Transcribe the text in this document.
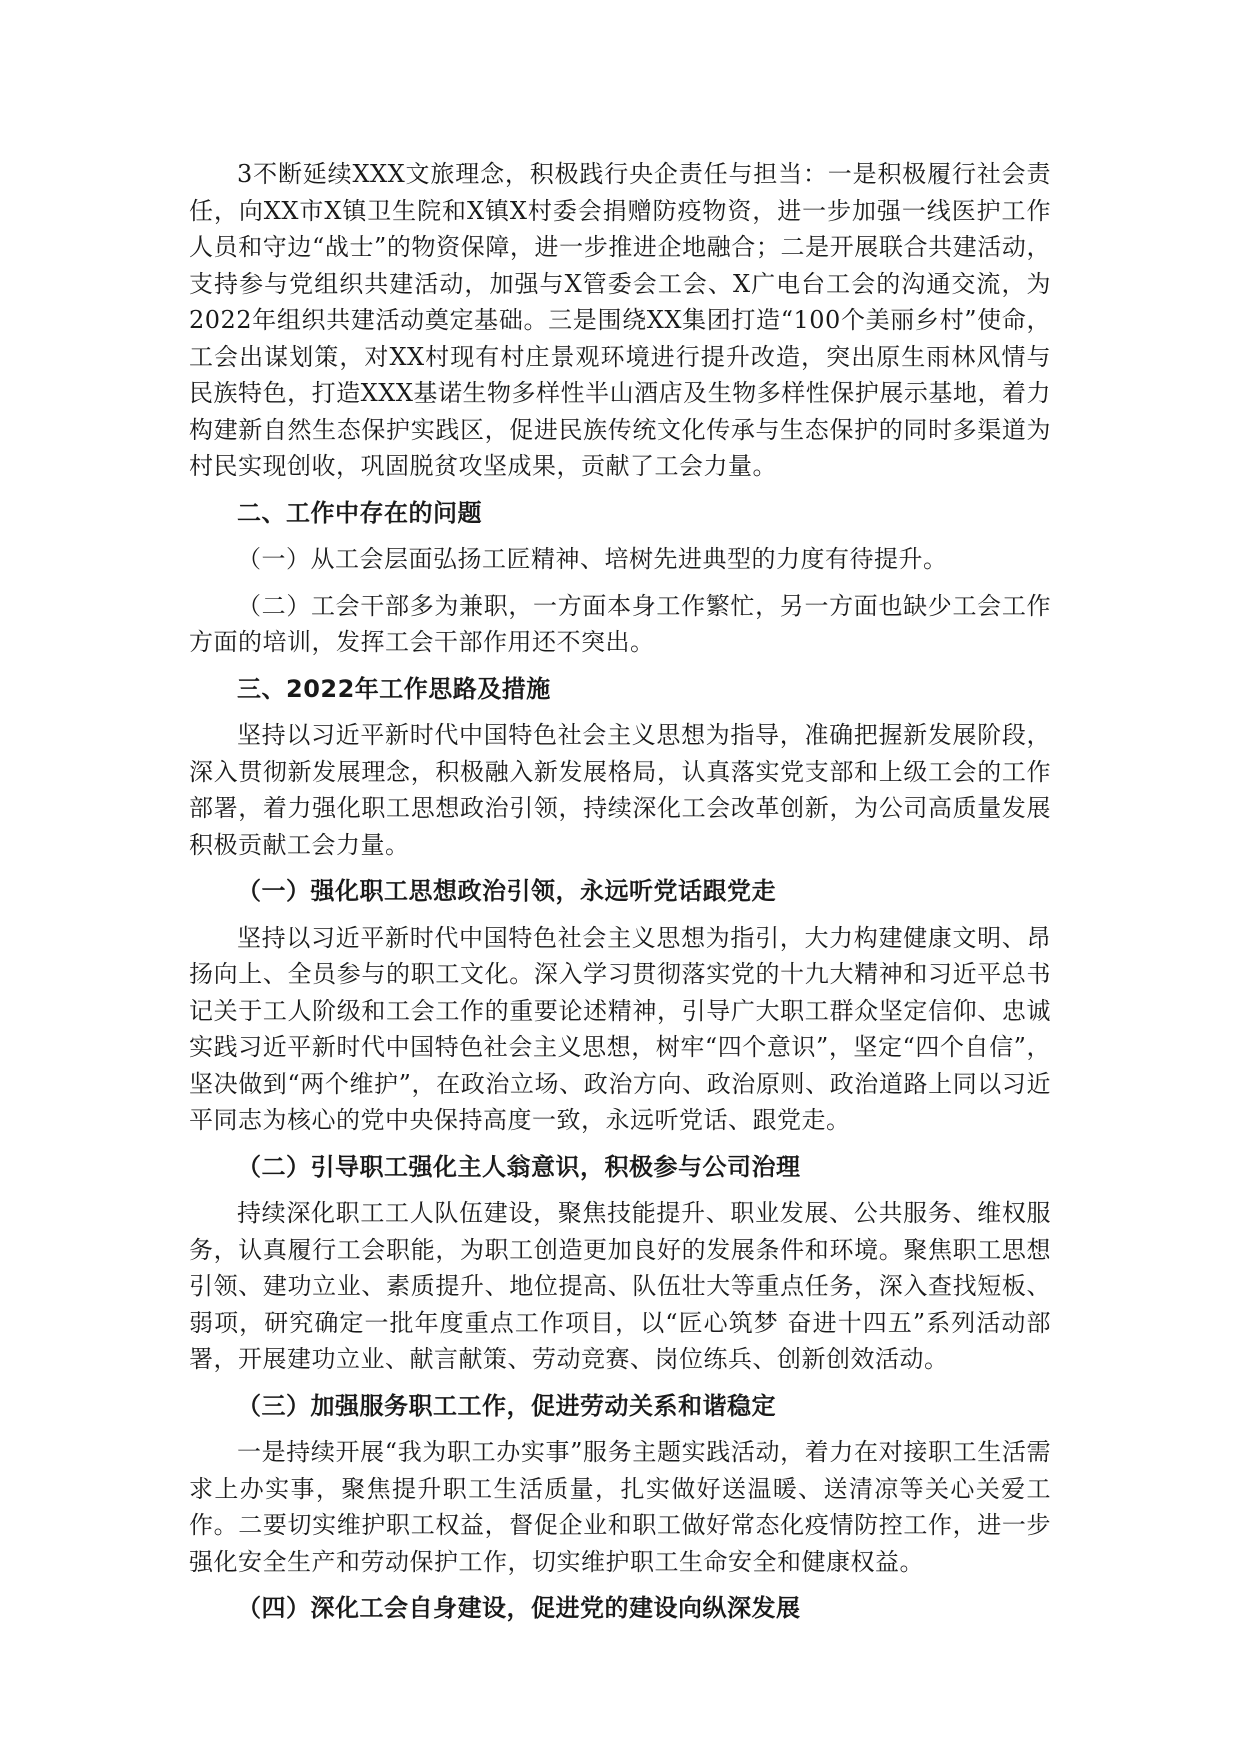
3不断延续XXX文旅理念，积极践行央企责任与担当：一是积极履行社会责任，向XX市X镇卫生院和X镇X村委会捐赠防疫物资，进一步加强一线医护工作人员和守边“战士”的物资保障，进一步推进企地融合；二是开展联合共建活动，支持参与党组织共建活动，加强与X管委会工会、X广电台工会的沟通交流，为2022年组织共建活动奠定基础。三是围绕XX集团打造“100个美丽乡村”使命，工会出谋划策，对XX村现有村庄景观环境进行提升改造，突出原生雨林风情与民族特色，打造XXX基诺生物多样性半山酒店及生物多样性保护展示基地，着力构建新自然生态保护实践区，促进民族传统文化传承与生态保护的同时多渠道为村民实现创收，巩固脱贫攻坚成果，贡献了工会力量。

二、工作中存在的问题

（一）从工会层面弘扬工匠精神、培树先进典型的力度有待提升。

（二）工会干部多为兼职，一方面本身工作繁忙，另一方面也缺少工会工作方面的培训，发挥工会干部作用还不突出。

三、2022年工作思路及措施

坚持以习近平新时代中国特色社会主义思想为指导，准确把握新发展阶段，深入贯彻新发展理念，积极融入新发展格局，认真落实党支部和上级工会的工作部署，着力强化职工思想政治引领，持续深化工会改革创新，为公司高质量发展积极贡献工会力量。

（一）强化职工思想政治引领，永远听党话跟党走

坚持以习近平新时代中国特色社会主义思想为指引，大力构建健康文明、昂扬向上、全员参与的职工文化。深入学习贯彻落实党的十九大精神和习近平总书记关于工人阶级和工会工作的重要论述精神，引导广大职工群众坚定信仰、忠诚实践习近平新时代中国特色社会主义思想，树牢“四个意识”，坚定“四个自信”，坚决做到“两个维护”，在政治立场、政治方向、政治原则、政治道路上同以习近平同志为核心的党中央保持高度一致，永远听党话、跟党走。

（二）引导职工强化主人翁意识，积极参与公司治理

持续深化职工工人队伍建设，聚焦技能提升、职业发展、公共服务、维权服务，认真履行工会职能，为职工创造更加良好的发展条件和环境。聚焦职工思想引领、建功立业、素质提升、地位提高、队伍壮大等重点任务，深入查找短板、弱项，研究确定一批年度重点工作项目，以“匠心筑梦 奋进十四五”系列活动部署，开展建功立业、献言献策、劳动竞赛、岗位练兵、创新创效活动。

（三）加强服务职工工作，促进劳动关系和谐稳定

一是持续开展“我为职工办实事”服务主题实践活动，着力在对接职工生活需求上办实事，聚焦提升职工生活质量，扎实做好送温暖、送清凉等关心关爱工作。二要切实维护职工权益，督促企业和职工做好常态化疫情防控工作，进一步强化安全生产和劳动保护工作，切实维护职工生命安全和健康权益。

（四）深化工会自身建设，促进党的建设向纵深发展
